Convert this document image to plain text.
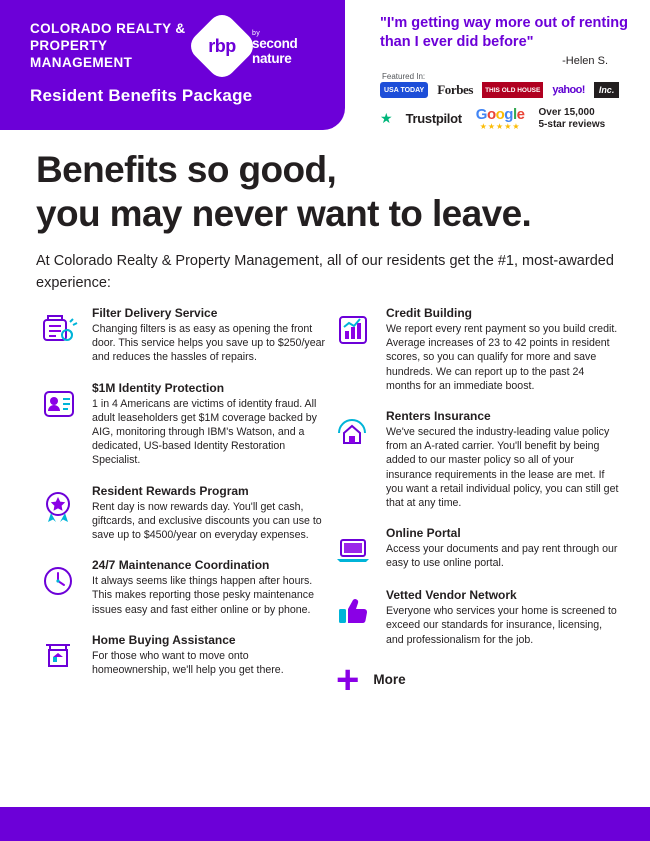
COLORADO REALTY & PROPERTY MANAGEMENT
rbp
by
second nature
Resident Benefits Package
"I'm getting way more out of renting than I ever did before"
-Helen S.
Featured In:
USA TODAY	Forbes	THIS OLD HOUSE yahoo!	Inc.
★ Trustpilot Google
★★★★★
Over 15,000
5-star reviews
Benefits so good,
you may never want to leave.
At Colorado Realty & Property Management, all of our residents get the #1, most-awarded experience:
Filter Delivery Service
Changing filters is as easy as opening the front door. This service helps you save up to $250/year and reduces the hassles of repairs.
$1M Identity Protection
1 in 4 Americans are victims of identity fraud. All adult leaseholders get $1M coverage backed by AIG, monitoring through IBM's Watson, and a dedicated, US-based Identity Restoration Specialist.
Resident Rewards Program
Rent day is now rewards day. You'll get cash, giftcards, and exclusive discounts you can use to save up to $4500/year on everyday expenses.
24/7 Maintenance Coordination
It always seems like things happen after hours. This makes reporting those pesky maintenance issues easy and fast either online or by phone.
Home Buying Assistance
For those who want to move onto homeownership, we'll help you get there.
Credit Building
We report every rent payment so you build credit. Average increases of 23 to 42 points in resident scores, so you can qualify for more and save hundreds. We can report up to the past 24 months for an immediate boost.
Renters Insurance
We've secured the industry-leading value policy from an A-rated carrier. You'll benefit by being added to our master policy so all of your insurance requirements in the lease are met. If you want a retail individual policy, you can still get that at any time.
Online Portal
Access your documents and pay rent through our easy to use online portal.
Vetted Vendor Network
Everyone who services your home is screened to exceed our standards for insurance, licensing, and professionalism for the job.
+ More
